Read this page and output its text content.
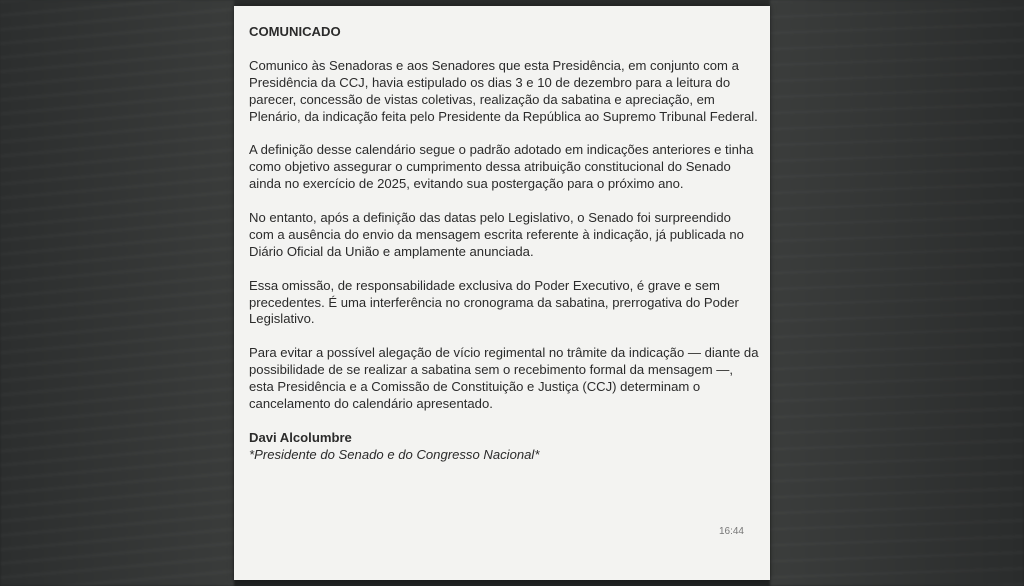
COMUNICADO

Comunico às Senadoras e aos Senadores que esta Presidência, em conjunto com a Presidência da CCJ, havia estipulado os dias 3 e 10 de dezembro para a leitura do parecer, concessão de vistas coletivas, realização da sabatina e apreciação, em Plenário, da indicação feita pelo Presidente da República ao Supremo Tribunal Federal.

A definição desse calendário segue o padrão adotado em indicações anteriores e tinha como objetivo assegurar o cumprimento dessa atribuição constitucional do Senado ainda no exercício de 2025, evitando sua postergação para o próximo ano.

No entanto, após a definição das datas pelo Legislativo, o Senado foi surpreendido com a ausência do envio da mensagem escrita referente à indicação, já publicada no Diário Oficial da União e amplamente anunciada.

Essa omissão, de responsabilidade exclusiva do Poder Executivo, é grave e sem precedentes. É uma interferência no cronograma da sabatina, prerrogativa do Poder Legislativo.

Para evitar a possível alegação de vício regimental no trâmite da indicação — diante da possibilidade de se realizar a sabatina sem o recebimento formal da mensagem —, esta Presidência e a Comissão de Constituição e Justiça (CCJ) determinam o cancelamento do calendário apresentado.

Davi Alcolumbre

*Presidente do Senado e do Congresso Nacional*

16:44
